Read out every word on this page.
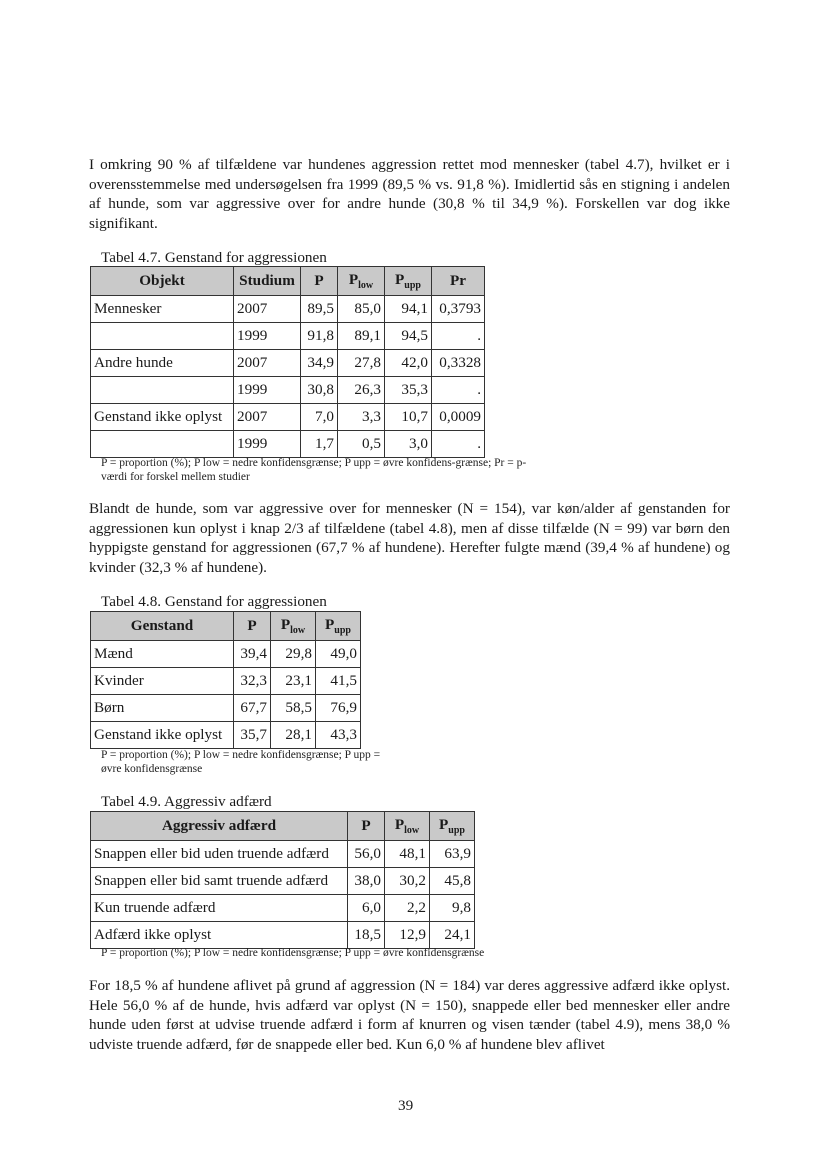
I omkring 90 % af tilfældene var hundenes aggression rettet mod mennesker (tabel 4.7), hvilket er i overensstemmelse med undersøgelsen fra 1999 (89,5 % vs. 91,8 %). Imidlertid sås en stigning i andelen af hunde, som var aggressive over for andre hunde (30,8 % til 34,9 %). Forskellen var dog ikke signifikant.

Tabel 4.7. Genstand for aggressionen

Objekt	Studium	P	$P_{low}$	$P_{upp}$	Pr
Mennesker	2007	89,5	85,0	94,1	0,3793
	1999	91,8	89,1	94,5	.
Andre hunde	2007	34,9	27,8	42,0	0,3328
	1999	30,8	26,3	35,3	.
Genstand ikke oplyst	2007	7,0	3,3	10,7	0,0009
	1999	1,7	0,5	3,0	.

P = proportion (%); P low = nedre konfidensgrænse; P upp = øvre konfidens-grænse; Pr = p-værdi for forskel mellem studier

Blandt de hunde, som var aggressive over for mennesker (N = 154), var køn/alder af genstanden for aggressionen kun oplyst i knap 2/3 af tilfældene (tabel 4.8), men af disse tilfælde (N = 99) var børn den hyppigste genstand for aggressionen (67,7 % af hundene). Herefter fulgte mænd (39,4 % af hundene) og kvinder (32,3 % af hundene).

Tabel 4.8. Genstand for aggressionen

Genstand	P	$P_{low}$	$P_{upp}$
Mænd	39,4	29,8	49,0
Kvinder	32,3	23,1	41,5
Børn	67,7	58,5	76,9
Genstand ikke oplyst	35,7	28,1	43,3

P = proportion (%); P low = nedre konfidensgrænse; P upp = øvre konfidensgrænse

Tabel 4.9. Aggressiv adfærd

Aggressiv adfærd	P	$P_{low}$	$P_{upp}$
Snappen eller bid uden truende adfærd	56,0	48,1	63,9
Snappen eller bid samt truende adfærd	38,0	30,2	45,8
Kun truende adfærd	6,0	2,2	9,8
Adfærd ikke oplyst	18,5	12,9	24,1

P = proportion (%); P low = nedre konfidensgrænse; P upp = øvre konfidensgrænse

For 18,5 % af hundene aflivet på grund af aggression (N = 184) var deres aggressive adfærd ikke oplyst. Hele 56,0 % af de hunde, hvis adfærd var oplyst (N = 150), snappede eller bed mennesker eller andre hunde uden først at udvise truende adfærd i form af knurren og visen tænder (tabel 4.9), mens 38,0 % udviste truende adfærd, før de snappede eller bed. Kun 6,0 % af hundene blev aflivet

39
